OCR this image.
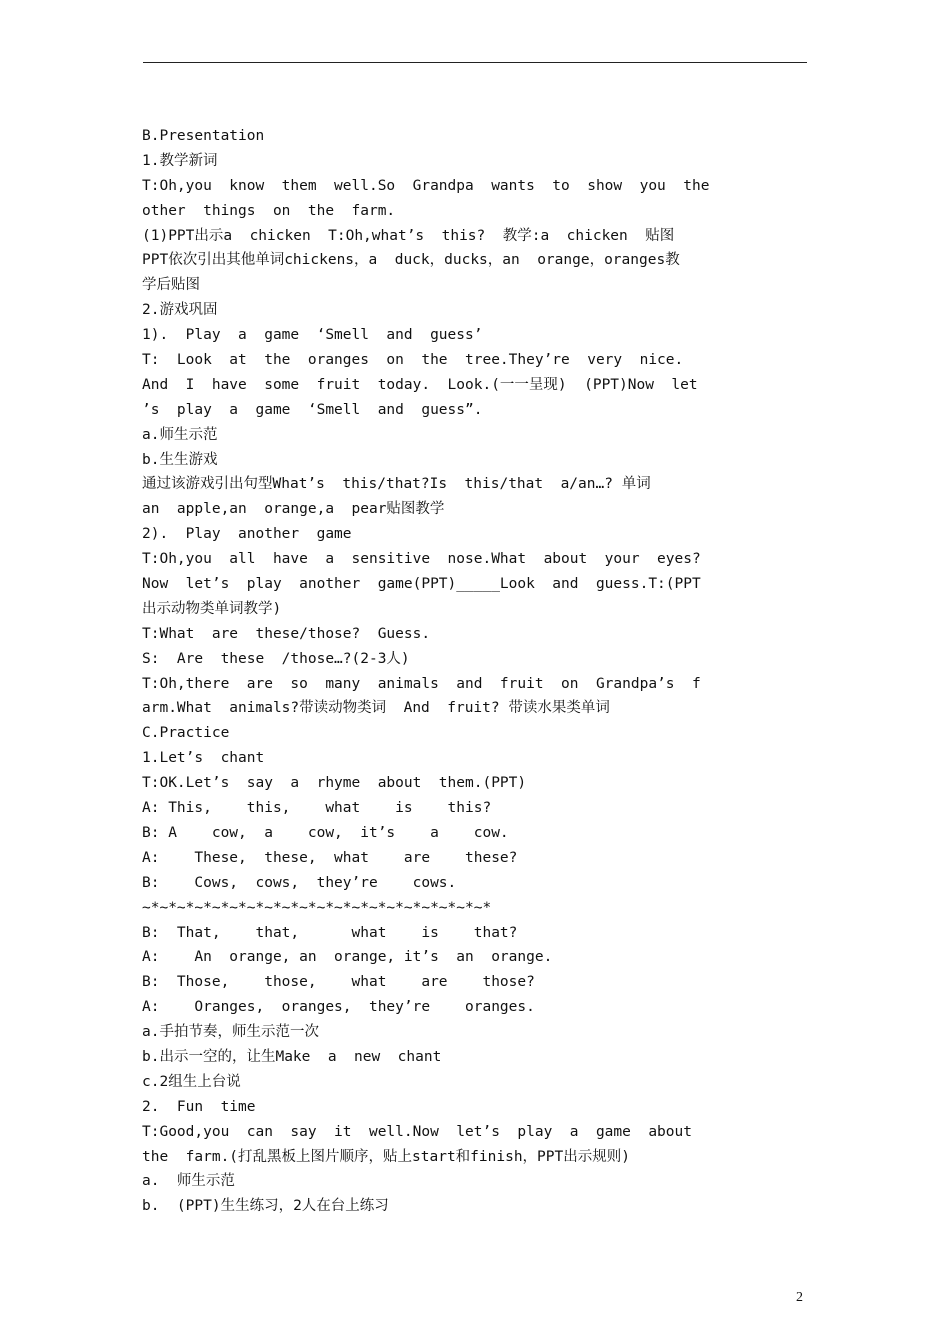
B.Presentation
1.教学新词
T:Oh,you  know  them  well.So  Grandpa  wants  to  show  you  the
other  things  on  the  farm.
(1)PPT出示a  chicken  T:Oh,what’s  this?  教学:a  chicken  贴图
PPT依次引出其他单词chickens，a  duck，ducks，an  orange，oranges教
学后贴图
2.游戏巩固
1).  Play  a  game  ‘Smell  and  guess’
T:  Look  at  the  oranges  on  the  tree.They’re  very  nice.
And  I  have  some  fruit  today.  Look.(一一呈现)  (PPT)Now  let
’s  play  a  game  ‘Smell  and  guess”.
a.师生示范
b.生生游戏
通过该游戏引出句型What’s  this/that?Is  this/that  a/an…? 单词
an  apple,an  orange,a  pear贴图教学
2).  Play  another  game
T:Oh,you  all  have  a  sensitive  nose.What  about  your  eyes?
Now  let’s  play  another  game(PPT)_____Look  and  guess.T:(PPT
出示动物类单词教学)
T:What  are  these/those?  Guess.
S:  Are  these  /those…?(2-3人)
T:Oh,there  are  so  many  animals  and  fruit  on  Grandpa’s  f
arm.What  animals?带读动物类词  And  fruit? 带读水果类单词
C.Practice
1.Let’s  chant
T:OK.Let’s  say  a  rhyme  about  them.(PPT)
A: This,    this,    what    is    this?
B: A    cow,  a    cow,  it’s    a    cow.
A:    These,  these,  what    are    these?
B:    Cows,  cows,  they’re    cows.
~*~*~*~*~*~*~*~*~*~*~*~*~*~*~*~*~*~*~*~*
B:  That,    that,      what    is    that?
A:    An  orange, an  orange, it’s  an  orange.
B:  Those,    those,    what    are    those?
A:    Oranges,  oranges,  they’re    oranges.
a.手拍节奏，师生示范一次
b.出示一空的，让生Make  a  new  chant
c.2组生上台说
2.  Fun  time
T:Good,you  can  say  it  well.Now  let’s  play  a  game  about
the  farm.(打乱黑板上图片顺序，贴上start和finish，PPT出示规则)
a.  师生示范
b.  (PPT)生生练习，2人在台上练习
2
